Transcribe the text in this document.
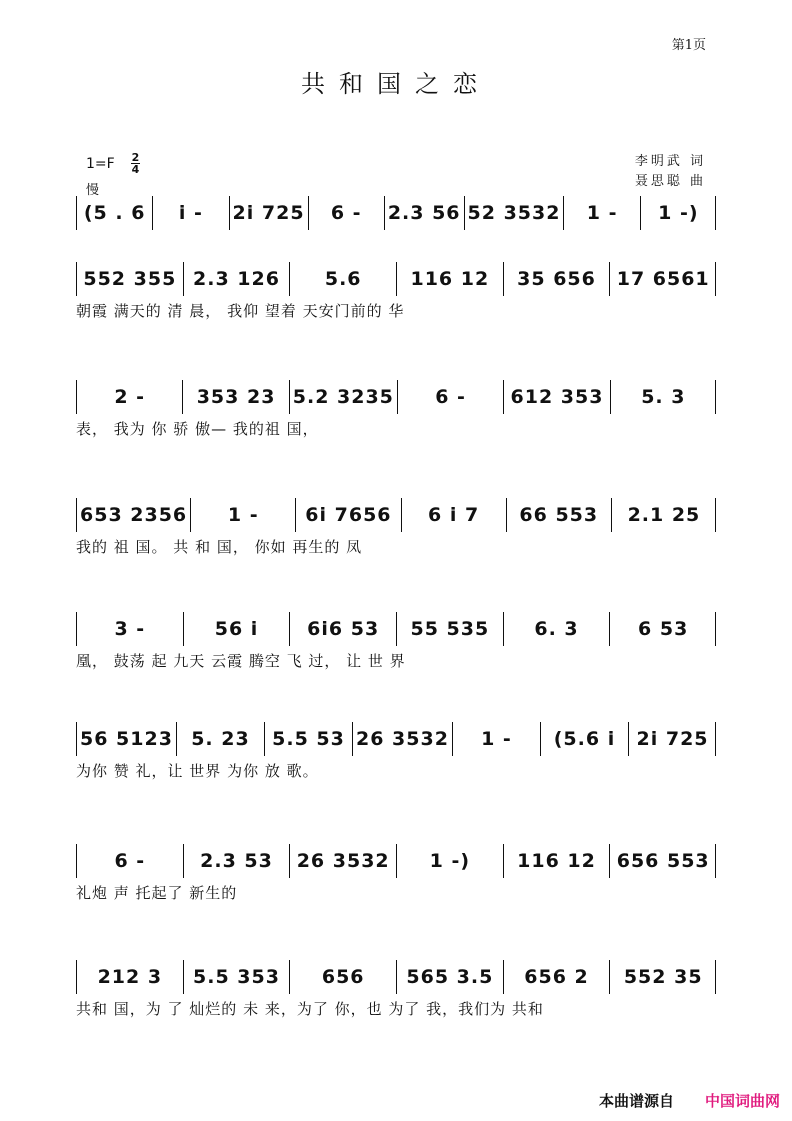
第1页
共和国之恋
1=F 2
4
慢
李明武 词
聂思聪 曲
(5 . 6	i -	2i 725	6 -	2.3 56 52 3532	1 -	1 -)
552 355 2.3 126	5.6	116 12	35 656	17 6561
朝霞 满天的 清 晨， 我仰 望着 天安门前的 华
2 -	353 23 5.2 3235	6 -	612 353	5. 3
表， 我为 你 骄 傲— 我的祖 国，
653 2356	1 -	6i 7656	6 i 7	66 553	2.1 25
我的 祖 国。 共 和 国， 你如 再生的 凤
3 -	56 i	6i6 53	55 535	6. 3	6 53
凰， 鼓荡 起 九天 云霞 腾空 飞 过， 让 世 界
56 5123 5. 23	5.5 53 26 3532	1 -	(5.6 i	2i 725
为你 赞 礼，让 世界 为你 放 歌。
6 -	2.3 53	26 3532	1 -)	116 12	656 553
礼炮 声 托起了 新生的
212 3	5.5 353	656	565 3.5	656 2	552 35
共和 国，为 了 灿烂的 未 来，为了 你，也 为了 我，我们为 共和
本曲谱源自 中国词曲网
